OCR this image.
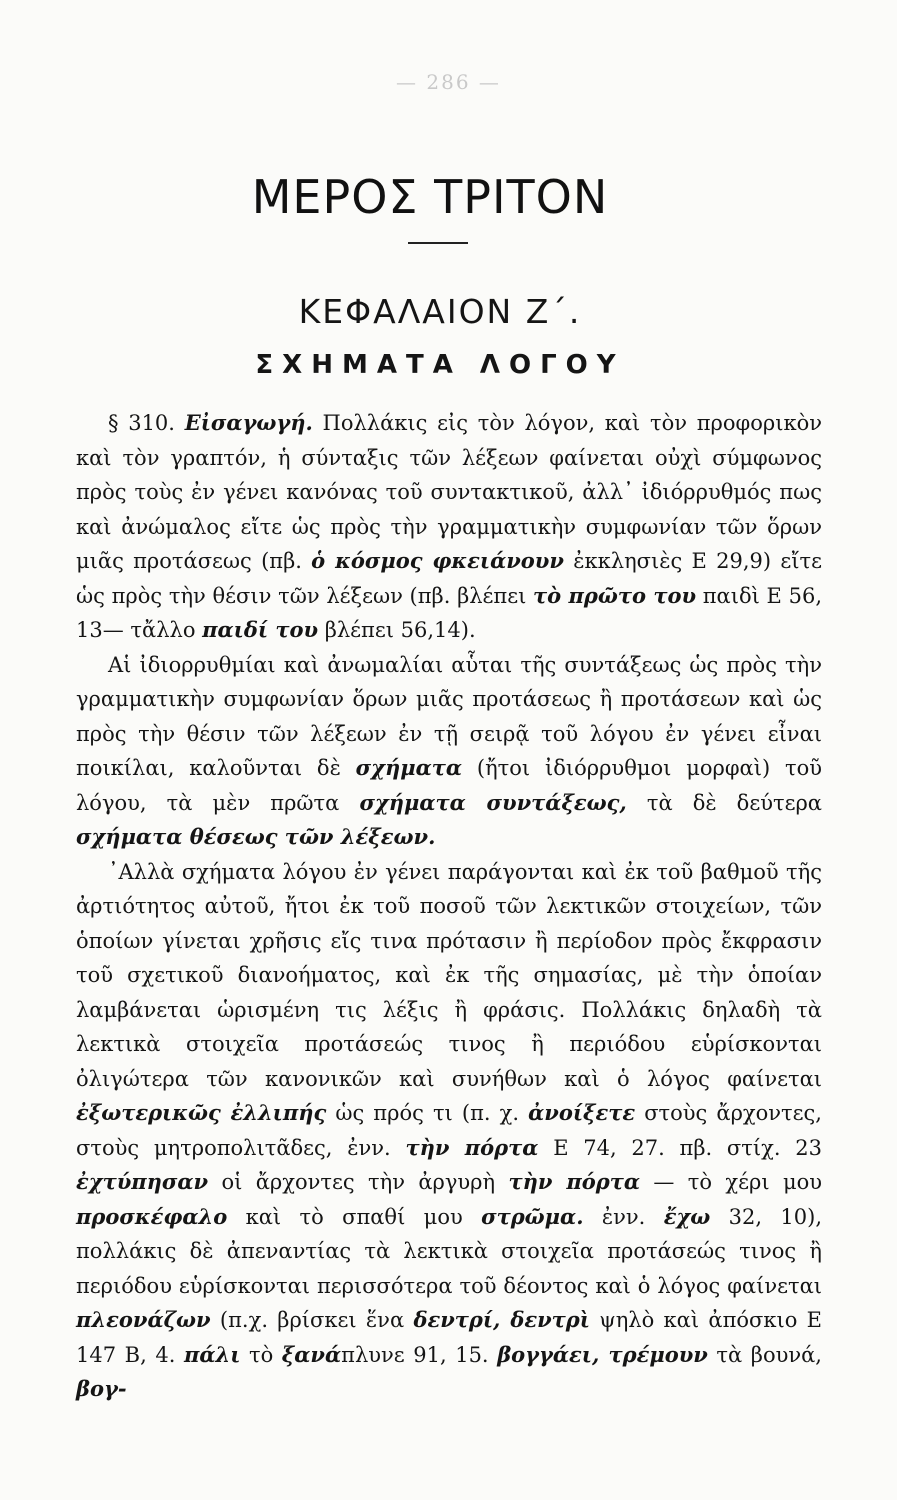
— 286 —
ΜΕΡΟΣ ΤΡΙΤΟΝ
ΚΕΦΑΛΑΙΟΝ Ζ΄.
ΣΧΗΜΑΤΑ ΛΟΓΟΥ

§ 310. Εἰσαγωγή. Πολλάκις εἰς τὸν λόγον, καὶ τὸν προφορικὸν καὶ τὸν γραπτόν, ἡ σύνταξις τῶν λέξεων φαίνεται οὐχὶ σύμφωνος πρὸς τοὺς ἐν γένει κανόνας τοῦ συντακτικοῦ, ἀλλ᾽ ἰδιόρρυθμός πως καὶ ἀνώμαλος εἴτε ὡς πρὸς τὴν γραμματικὴν συμφωνίαν τῶν ὅρων μιᾶς προτάσεως (πβ. ὁ κόσμος φκειάνουν ἐκκλησιὲς Ε 29,9) εἴτε ὡς πρὸς τὴν θέσιν τῶν λέξεων (πβ. βλέπει τὸ πρῶτο του παιδὶ Ε 56, 13— τἄλλο παιδί του βλέπει 56,14).

Αἱ ἰδιορρυθμίαι καὶ ἀνωμαλίαι αὗται τῆς συντάξεως ὡς πρὸς τὴν γραμματικὴν συμφωνίαν ὅρων μιᾶς προτάσεως ἢ προτάσεων καὶ ὡς πρὸς τὴν θέσιν τῶν λέξεων ἐν τῇ σειρᾷ τοῦ λόγου ἐν γένει εἶναι ποικίλαι, καλοῦνται δὲ σχήματα (ἤτοι ἰδιόρρυθμοι μορφαὶ) τοῦ λόγου, τὰ μὲν πρῶτα σχήματα συντάξεως, τὰ δὲ δεύτερα σχήματα θέσεως τῶν λέξεων.

᾽Αλλὰ σχήματα λόγου ἐν γένει παράγονται καὶ ἐκ τοῦ βαθμοῦ τῆς ἀρτιότητος αὐτοῦ, ἤτοι ἐκ τοῦ ποσοῦ τῶν λεκτικῶν στοιχείων, τῶν ὁποίων γίνεται χρῆσις εἴς τινα πρότασιν ἢ περίοδον πρὸς ἔκφρασιν τοῦ σχετικοῦ διανοήματος, καὶ ἐκ τῆς σημασίας, μὲ τὴν ὁποίαν λαμβάνεται ὡρισμένη τις λέξις ἢ φράσις. Πολλάκις δηλαδὴ τὰ λεκτικὰ στοιχεῖα προτάσεώς τινος ἢ περιόδου εὑρίσκονται ὀλιγώτερα τῶν κανονικῶν καὶ συνήθων καὶ ὁ λόγος φαίνεται ἐξωτερικῶς ἐλλιπής ὡς πρός τι (π. χ. ἀνοίξετε στοὺς ἄρχοντες, στοὺς μητροπολιτᾶδες, ἐνν. τὴν πόρτα Ε 74, 27. πβ. στίχ. 23 ἐχτύπησαν οἱ ἄρχοντες τὴν ἀργυρὴ τὴν πόρτα — τὸ χέρι μου προσκέφαλο καὶ τὸ σπαθί μου στρῶμα. ἐνν. ἔχω 32, 10), πολλάκις δὲ ἀπεναντίας τὰ λεκτικὰ στοιχεῖα προτάσεώς τινος ἢ περιόδου εὑρίσκονται περισσότερα τοῦ δέοντος καὶ ὁ λόγος φαίνεται πλεονάζων (π.χ. βρίσκει ἕνα δεντρί, δεντρὶ ψηλὸ καὶ ἀπόσκιο Ε 147 Β, 4. πάλι τὸ ξανάπλυνε 91, 15. βογγάει, τρέμουν τὰ βουνά, βογ-
